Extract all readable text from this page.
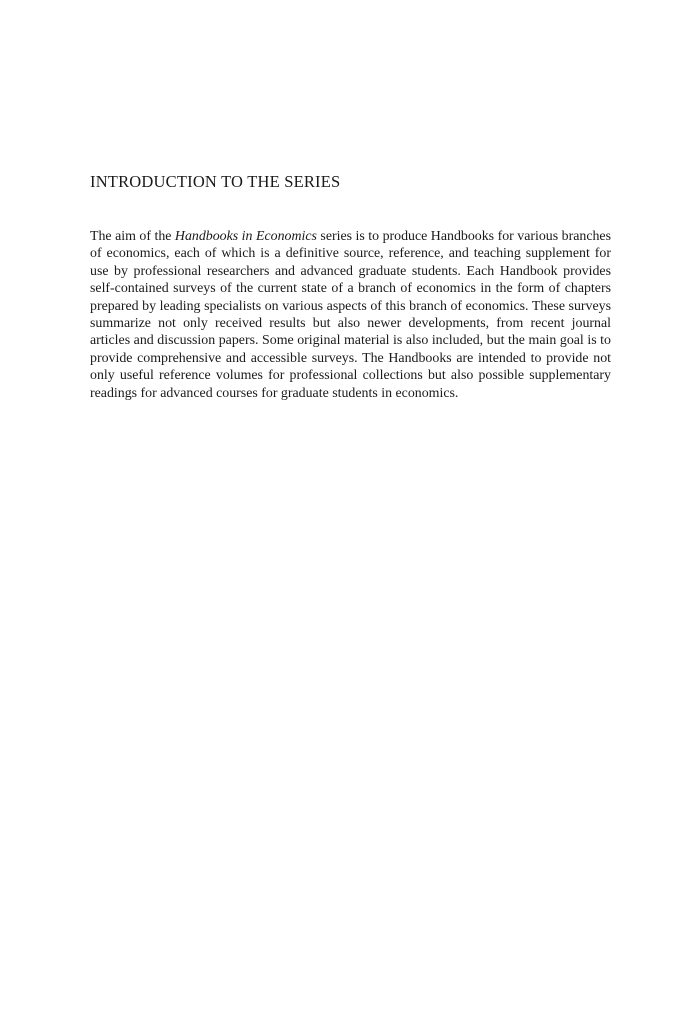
INTRODUCTION TO THE SERIES

The aim of the Handbooks in Economics series is to produce Handbooks for various branches of economics, each of which is a definitive source, reference, and teaching supplement for use by professional researchers and advanced graduate students. Each Handbook provides self-contained surveys of the current state of a branch of economics in the form of chapters prepared by leading specialists on various aspects of this branch of economics. These surveys summarize not only received results but also newer developments, from recent journal articles and discussion papers. Some original material is also included, but the main goal is to provide comprehensive and accessible surveys. The Handbooks are intended to provide not only useful reference volumes for professional collections but also possible supplementary readings for advanced courses for graduate students in economics.
